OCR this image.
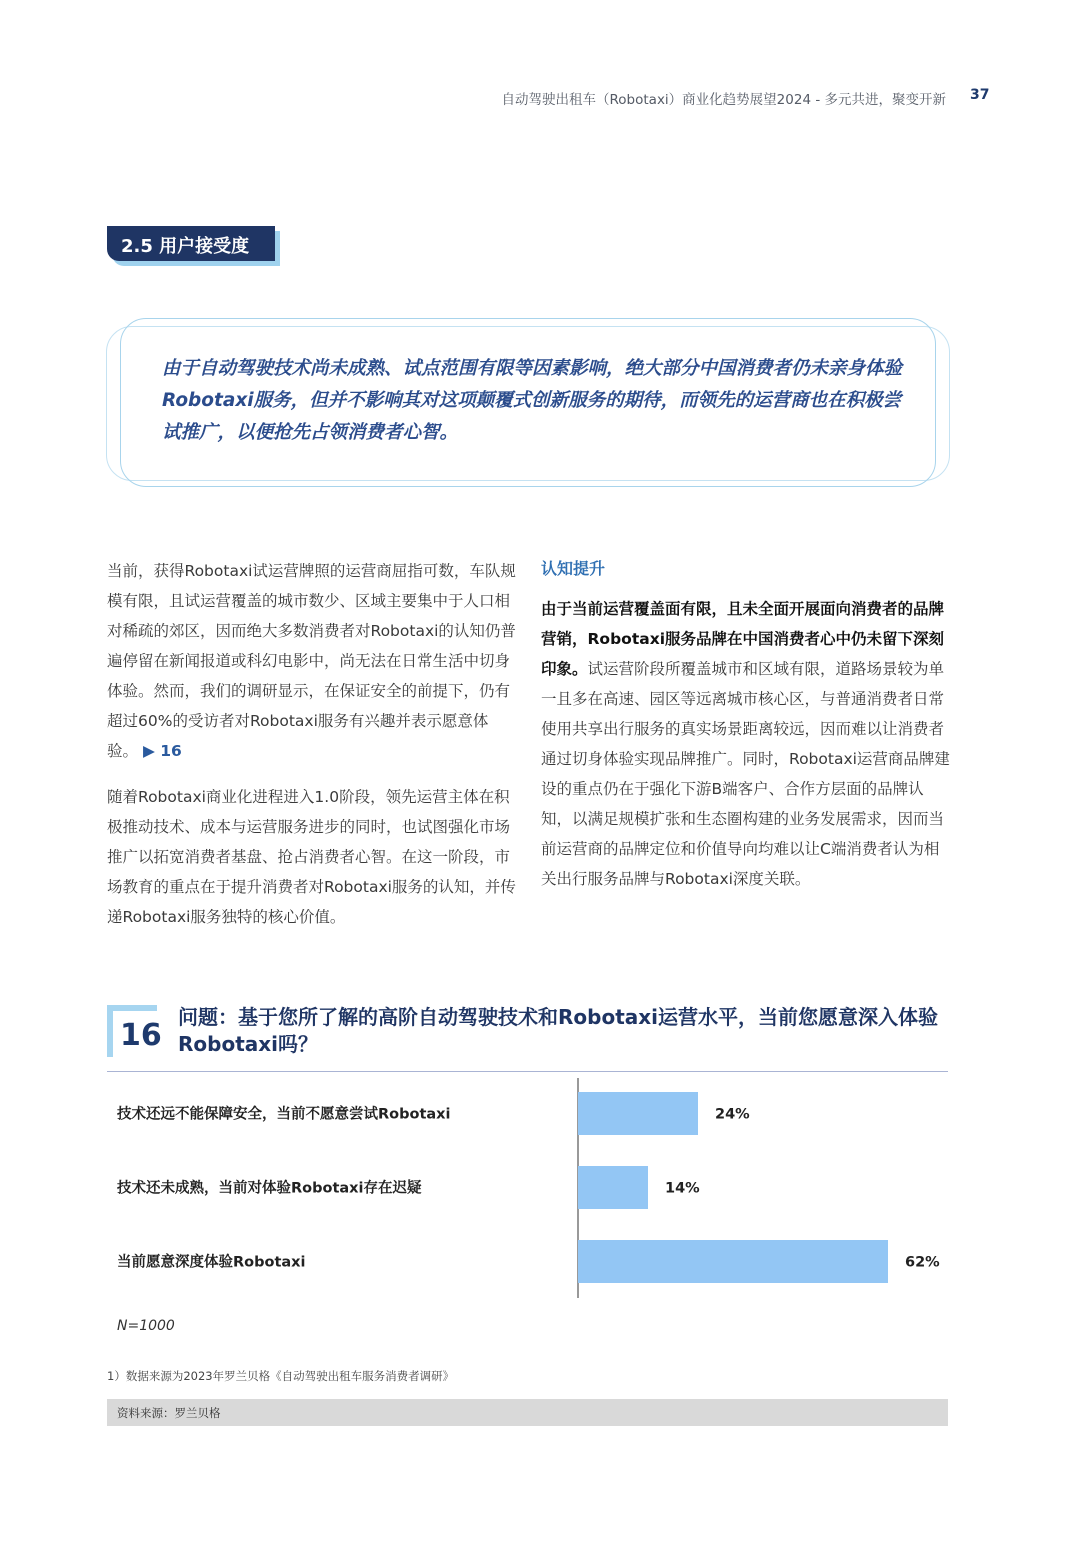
自动驾驶出租车（Robotaxi）商业化趋势展望2024 - 多元共进，聚变开新 37
2.5 用户接受度
由于自动驾驶技术尚未成熟、试点范围有限等因素影响，绝大部分中国消费者仍未亲身体验Robotaxi服务，但并不影响其对这项颠覆式创新服务的期待，而领先的运营商也在积极尝试推广，以便抢先占领消费者心智。

当前，获得Robotaxi试运营牌照的运营商屈指可数，车队规模有限，且试运营覆盖的城市数少、区域主要集中于人口相对稀疏的郊区，因而绝大多数消费者对Robotaxi的认知仍普遍停留在新闻报道或科幻电影中，尚无法在日常生活中切身体验。然而，我们的调研显示，在保证安全的前提下，仍有超过60%的受访者对Robotaxi服务有兴趣并表示愿意体验。 ▶ 16

随着Robotaxi商业化进程进入1.0阶段，领先运营主体在积极推动技术、成本与运营服务进步的同时，也试图强化市场推广以拓宽消费者基盘、抢占消费者心智。在这一阶段，市场教育的重点在于提升消费者对Robotaxi服务的认知，并传递Robotaxi服务独特的核心价值。

认知提升

由于当前运营覆盖面有限，且未全面开展面向消费者的品牌营销，Robotaxi服务品牌在中国消费者心中仍未留下深刻印象。试运营阶段所覆盖城市和区域有限，道路场景较为单一且多在高速、园区等远离城市核心区，与普通消费者日常使用共享出行服务的真实场景距离较远，因而难以让消费者通过切身体验实现品牌推广。同时，Robotaxi运营商品牌建设的重点仍在于强化下游B端客户、合作方层面的品牌认知，以满足规模扩张和生态圈构建的业务发展需求，因而当前运营商的品牌定位和价值导向均难以让C端消费者认为相关出行服务品牌与Robotaxi深度关联。

16
问题：基于您所了解的高阶自动驾驶技术和Robotaxi运营水平，当前您愿意深入体验Robotaxi吗？
技术还远不能保障安全，当前不愿意尝试Robotaxi	24%
技术还未成熟，当前对体验Robotaxi存在迟疑	14%
当前愿意深度体验Robotaxi	62%
N=1000
1）数据来源为2023年罗兰贝格《自动驾驶出租车服务消费者调研》
资料来源：罗兰贝格
